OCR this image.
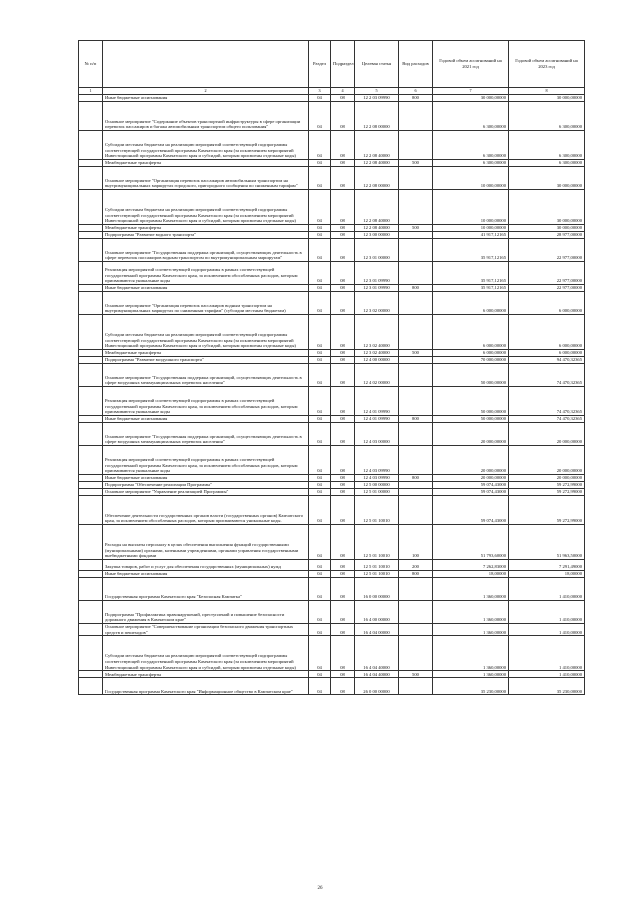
№ п/п		Раздел	Подраздел	Целевая статья	Вид расходов	Годовой объем ассигнований на 2021 год	Годовой объем ассигнований на 2023 год
1	2	3	4	5	6	7	8
	Иные бюджетные ассигнования	04	08	12 2 03 09990	800	30 000,00000	30 000,00000
	Основное мероприятие "Содержание объектов транспортной инфраструктуры в сфере организации перевозок пассажиров и багажа автомобильным транспортом общего пользования"	04	08	12 2 08 00000		6 300,00000	6 300,00000
	Субсидии местным бюджетам на реализацию мероприятий соответствующей подпрограммы соответствующей государственной программы Камчатского края (за исключением мероприятий Инвестиционной программы Камчатского края и субсидий, которым присвоены отдельные коды)	04	08	12 2 08 40000		6 300,00000	6 300,00000
	Межбюджетные трансферты	04	08	12 2 08 40000	500	6 300,00000	6 300,00000
	Основное мероприятие "Организация перевозок пассажиров автомобильным транспортом на внутримуниципальных маршрутах городского, пригородного сообщения по сниженным тарифам"	04	08	12 2 08 00000		10 000,00000	30 000,00000
	Субсидии местным бюджетам на реализацию мероприятий соответствующей подпрограммы соответствующей государственной программы Камчатского края (за исключением мероприятий Инвестиционной программы Камчатского края и субсидий, которым присвоены отдельные коды)	04	08	12 2 08 40000		10 000,00000	30 000,00000
	Межбюджетные трансферты	04	08	12 2 08 40000	500	10 000,00000	30 000,00000
	Подпрограмма "Развитие водного транспорта"	04	08	12 3 00 00000		41 917,12165	28 977,00000
	Основное мероприятие "Государственная поддержка организаций, осуществляющих деятельность в сфере перевозок пассажиров водным транспортом по внутримуниципальным маршрутам"	04	08	12 3 01 00000		35 917,12165	22 977,00000
	Реализация мероприятий соответствующей подпрограммы в рамках соответствующей государственной программы Камчатского края, за исключением обособленных расходов, которым присваиваются уникальные коды	04	08	12 3 01 09990		35 917,12165	22 977,00000
	Иные бюджетные ассигнования	04	08	12 3 01 09990	800	35 917,12165	22 977,00000
	Основное мероприятие "Организация перевозок пассажиров водным транспортом на внутримуниципальных маршрутах по сниженным тарифам" (субсидии местным бюджетам)	04	08	12 3 02 00000		6 000,00000	6 000,00000
	Субсидии местным бюджетам на реализацию мероприятий соответствующей подпрограммы соответствующей государственной программы Камчатского края (за исключением мероприятий Инвестиционной программы Камчатского края и субсидий, которым присвоены отдельные коды)	04	08	12 3 02 40000		6 000,00000	6 000,00000
	Межбюджетные трансферты	04	08	12 3 02 40000	500	6 000,00000	6 000,00000
	Подпрограмма "Развитие воздушного транспорта"	04	08	12 4 00 00000		70 000,00000	94 470,32365
	Основное мероприятие "Государственная поддержка организаций, осуществляющих деятельность в сфере воздушных межмуниципальных перевозок населения"	04	08	12 4 02 00000		50 000,00000	74 470,32365
	Реализация мероприятий соответствующей подпрограммы в рамках соответствующей государственной программы Камчатского края, за исключением обособленных расходов, которым присваиваются уникальные коды	04	08	12 4 01 09990		50 000,00000	74 470,32365
	Иные бюджетные ассигнования	04	08	12 4 01 09990	800	50 000,00000	74 470,32365
	Основное мероприятие "Государственная поддержка организаций, осуществляющих деятельность в сфере воздушных межмуниципальных перевозок населения"	04	08	12 4 03 00000		20 000,00000	20 000,00000
	Реализация мероприятий соответствующей подпрограммы в рамках соответствующей государственной программы Камчатского края, за исключением обособленных расходов, которым присваиваются уникальные коды	04	08	12 4 03 09990		20 000,00000	20 000,00000
	Иные бюджетные ассигнования	04	08	12 4 03 09990	800	20 000,00000	20 000,00000
	Подпрограмма "Обеспечение реализации Программы"	04	08	12 5 00 00000		59 074,43000	59 272,99000
	Основное мероприятие "Управление реализацией Программы"	04	08	12 5 01 00000		59 074,43000	59 272,99000
	Обеспечение деятельности государственных органов власти (государственных органов) Камчатского края, за исключением обособленных расходов, которым присваиваются уникальные коды.	04	08	12 5 01 10010		59 074,43000	59 272,99000
	Расходы на выплаты персоналу в целях обеспечения выполнения функций государственными (муниципальными) органами, казенными учреждениями, органами управления государственными внебюджетными фондами	04	08	12 5 01 10010	100	51 793,60000	51 963,50000
	Закупка товаров, работ и услуг для обеспечения государственных (муниципальных) нужд	04	08	12 5 01 10010	200	7 262,83000	7 291,49000
	Иные бюджетные ассигнования	04	08	12 5 01 10010	800	18,00000	18,00000
	Государственная программа Камчатского края "Безопасная Камчатка"	04	08	16 0 00 00000		1 360,00000	1 410,00000
	Подпрограмма "Профилактика правонарушений, преступлений и повышение безопасности дорожного движения в Камчатском крае"	04	08	16 4 00 00000		1 360,00000	1 410,00000
	Основное мероприятие "Совершенствование организации безопасного движения транспортных средств и пешеходов"	04	08	16 4 04 00000		1 360,00000	1 410,00000
	Субсидии местным бюджетам на реализацию мероприятий соответствующей подпрограммы соответствующей государственной программы Камчатского края (за исключением мероприятий Инвестиционной программы Камчатского края и субсидий, которым присвоены отдельные коды)	04	08	16 4 04 40000		1 360,00000	1 410,00000
	Межбюджетные трансферты	04	08	16 4 04 40000	500	1 360,00000	1 410,00000
	Государственная программа Камчатского края "Информационное общество в Камчатском крае"	04	08	26 0 00 00000		35 230,00000	35 230,00000
26
